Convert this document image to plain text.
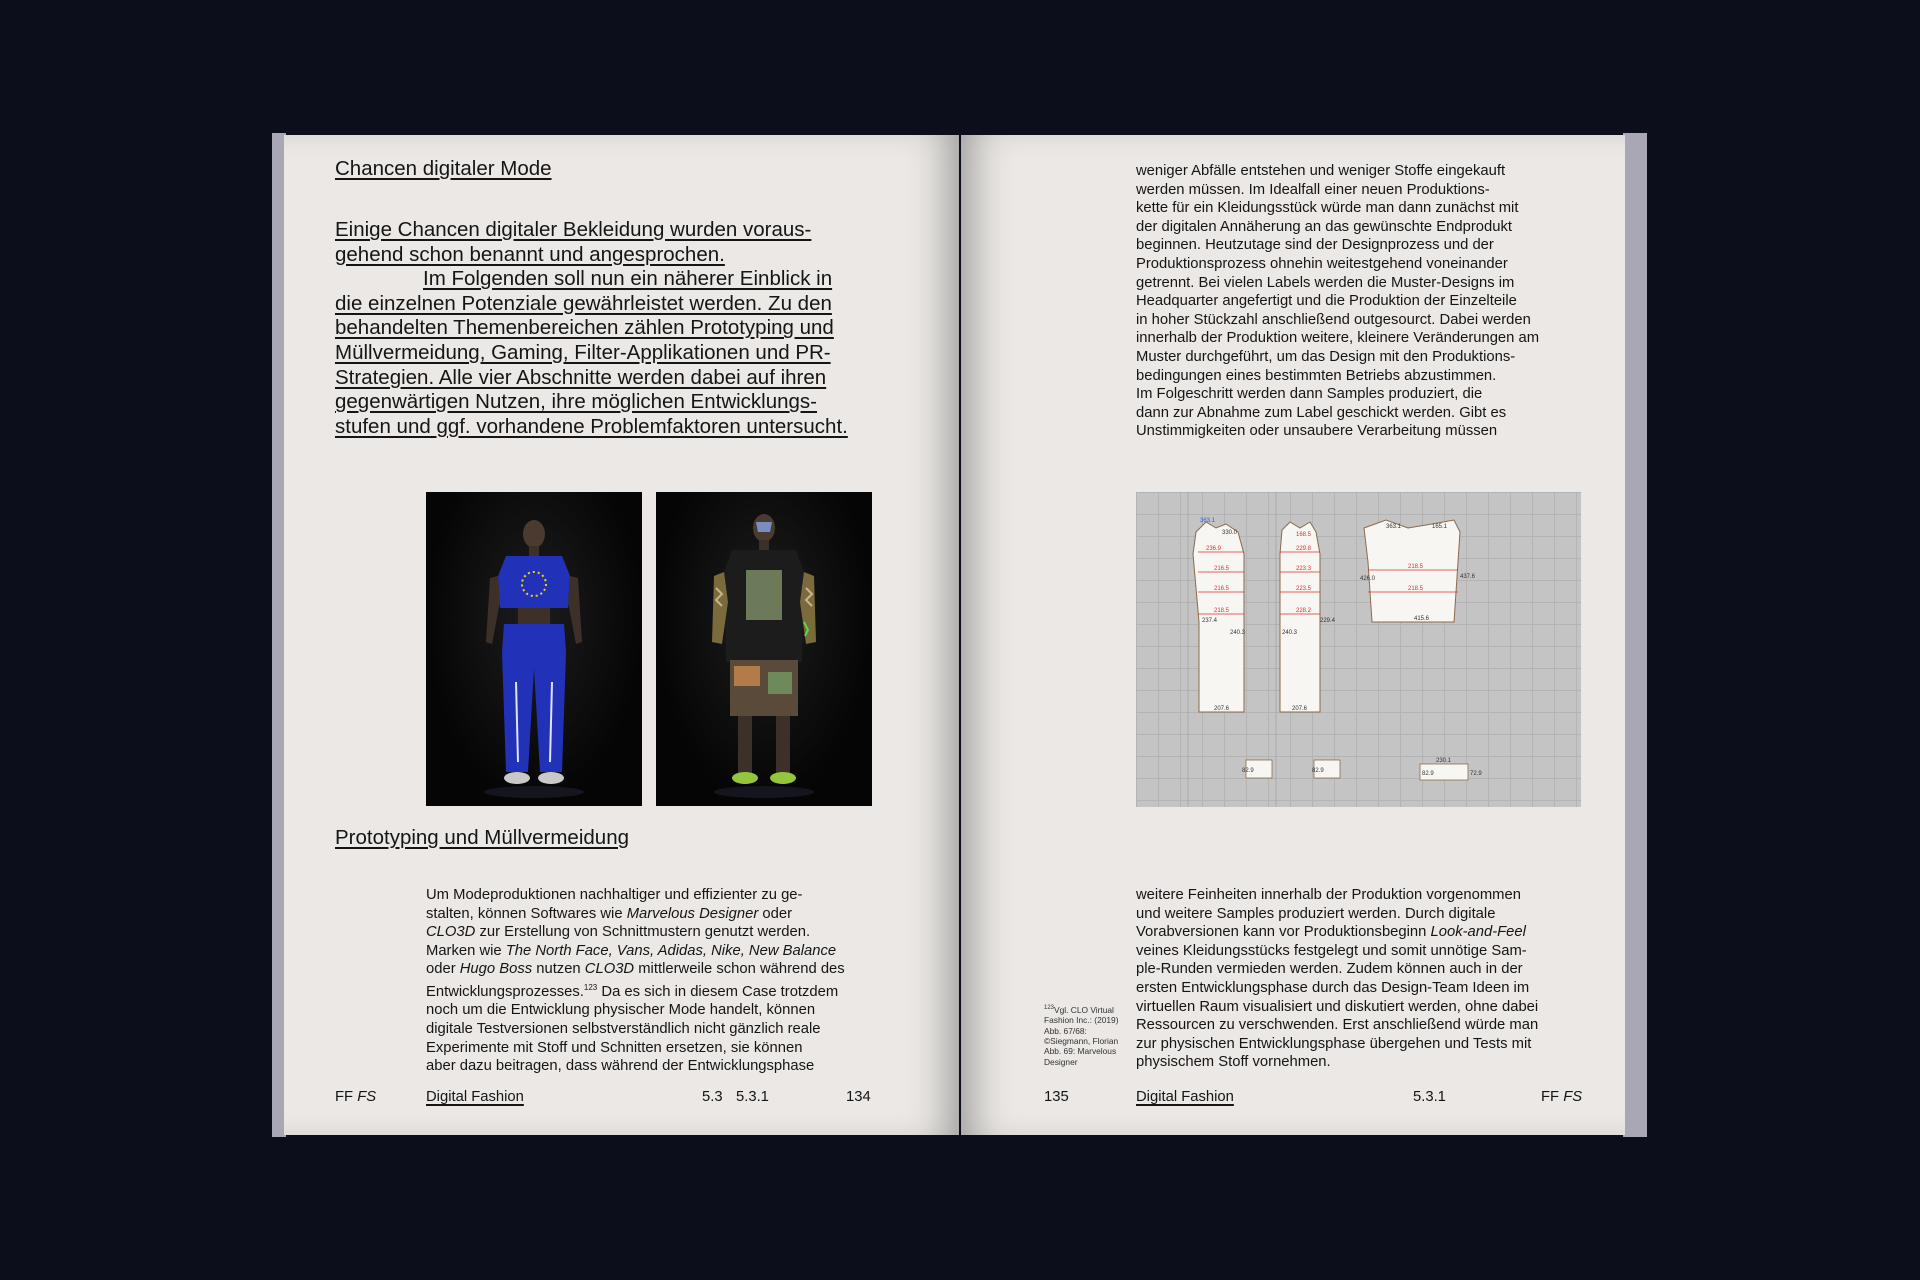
Chancen digitaler Mode
Einige Chancen digitaler Bekleidung wurden voraus-
gehend schon benannt und angesprochen.
Im Folgenden soll nun ein näherer Einblick in
die einzelnen Potenziale gewährleistet werden. Zu den
behandelten Themenbereichen zählen Prototyping und
Müllvermeidung, Gaming, Filter-Applikationen und PR-
Strategien. Alle vier Abschnitte werden dabei auf ihren
gegenwärtigen Nutzen, ihre möglichen Entwicklungs-
stufen und ggf. vorhandene Problemfaktoren untersucht.
Prototyping und Müllvermeidung
Um Modeproduktionen nachhaltiger und effizienter zu ge-
stalten, können Softwares wie Marvelous Designer oder
CLO3D zur Erstellung von Schnittmustern genutzt werden.
Marken wie The North Face, Vans, Adidas, Nike, New Balance
oder Hugo Boss nutzen CLO3D mittlerweile schon während des
Entwicklungsprozesses.$^{123}$ Da es sich in diesem Case trotzdem
noch um die Entwicklung physischer Mode handelt, können
digitale Testversionen selbstverständlich nicht gänzlich reale
Experimente mit Stoff und Schnitten ersetzen, sie können
aber dazu beitragen, dass während der Entwicklungsphase
FF FS	Digital Fashion	5.3 5.3.1	134
weniger Abfälle entstehen und weniger Stoffe eingekauft
werden müssen. Im Idealfall einer neuen Produktions-
kette für ein Kleidungsstück würde man dann zunächst mit
der digitalen Annäherung an das gewünschte Endprodukt
beginnen. Heutzutage sind der Designprozess und der
Produktionsprozess ohnehin weitestgehend voneinander
getrennt. Bei vielen Labels werden die Muster-Designs im
Headquarter angefertigt und die Produktion der Einzelteile
in hoher Stückzahl anschließend outgesourct. Dabei werden
innerhalb der Produktion weitere, kleinere Veränderungen am
Muster durchgeführt, um das Design mit den Produktions-
bedingungen eines bestimmten Betriebs abzustimmen.
Im Folgeschritt werden dann Samples produziert, die
dann zur Abnahme zum Label geschickt werden. Gibt es
Unstimmigkeiten oder unsaubere Verarbeitung müssen
363.1
330.0
236.9
216.5
216.5
218.5
240.3
237.4
207.6
168.5
229.8
223.3
223.5
228.2
229.4
240.3
207.6
363.1	165.1
218.5
218.5
426.0	437.6
415.6
82.9	82.9
230.1
82.9	72.9
$^{123}$Vgl. CLO Virtual
Fashion Inc.: (2019)
Abb. 67/68:
©Siegmann, Florian
Abb. 69: Marvelous
Designer
weitere Feinheiten innerhalb der Produktion vorgenommen
und weitere Samples produziert werden. Durch digitale
Vorabversionen kann vor Produktionsbeginn Look-and-Feel
veines Kleidungsstücks festgelegt und somit unnötige Sam-
ple-Runden vermieden werden. Zudem können auch in der
ersten Entwicklungsphase durch das Design-Team Ideen im
virtuellen Raum visualisiert und diskutiert werden, ohne dabei
Ressourcen zu verschwenden. Erst anschließend würde man
zur physischen Entwicklungsphase übergehen und Tests mit
physischem Stoff vornehmen.
135	Digital Fashion	5.3.1	FF FS
